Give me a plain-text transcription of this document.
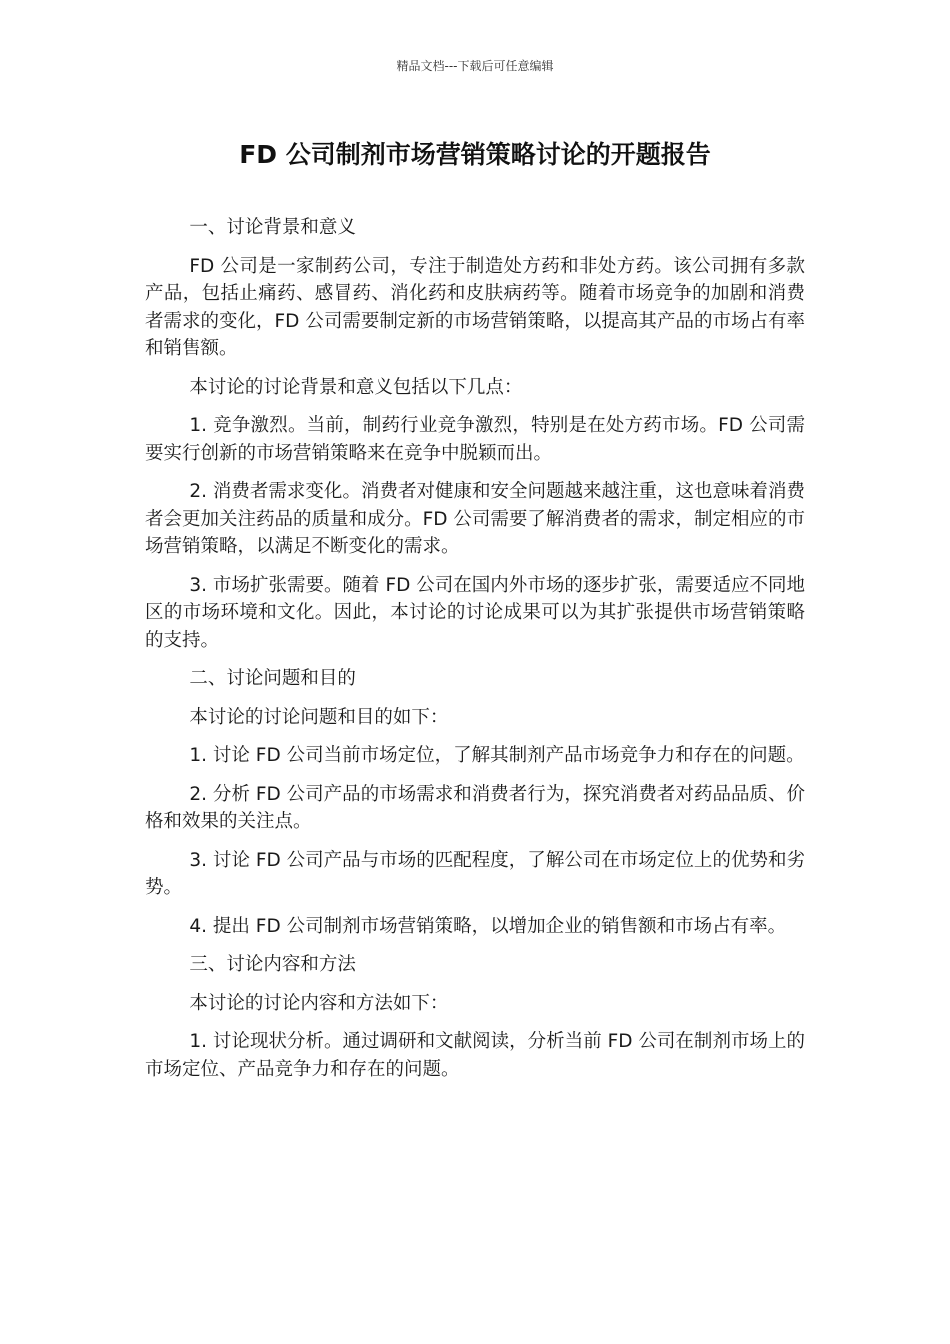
精品文档---下载后可任意编辑
FD 公司制剂市场营销策略讨论的开题报告

一、讨论背景和意义

FD 公司是一家制药公司，专注于制造处方药和非处方药。该公司拥有多款产品，包括止痛药、感冒药、消化药和皮肤病药等。随着市场竞争的加剧和消费者需求的变化，FD 公司需要制定新的市场营销策略，以提高其产品的市场占有率和销售额。

本讨论的讨论背景和意义包括以下几点：

1. 竞争激烈。当前，制药行业竞争激烈，特别是在处方药市场。FD 公司需要实行创新的市场营销策略来在竞争中脱颖而出。

2. 消费者需求变化。消费者对健康和安全问题越来越注重，这也意味着消费者会更加关注药品的质量和成分。FD 公司需要了解消费者的需求，制定相应的市场营销策略，以满足不断变化的需求。

3. 市场扩张需要。随着 FD 公司在国内外市场的逐步扩张，需要适应不同地区的市场环境和文化。因此，本讨论的讨论成果可以为其扩张提供市场营销策略的支持。

二、讨论问题和目的

本讨论的讨论问题和目的如下：

1. 讨论 FD 公司当前市场定位，了解其制剂产品市场竞争力和存在的问题。

2. 分析 FD 公司产品的市场需求和消费者行为，探究消费者对药品品质、价格和效果的关注点。

3. 讨论 FD 公司产品与市场的匹配程度，了解公司在市场定位上的优势和劣势。

4. 提出 FD 公司制剂市场营销策略，以增加企业的销售额和市场占有率。

三、讨论内容和方法

本讨论的讨论内容和方法如下：

1. 讨论现状分析。通过调研和文献阅读，分析当前 FD 公司在制剂市场上的市场定位、产品竞争力和存在的问题。
